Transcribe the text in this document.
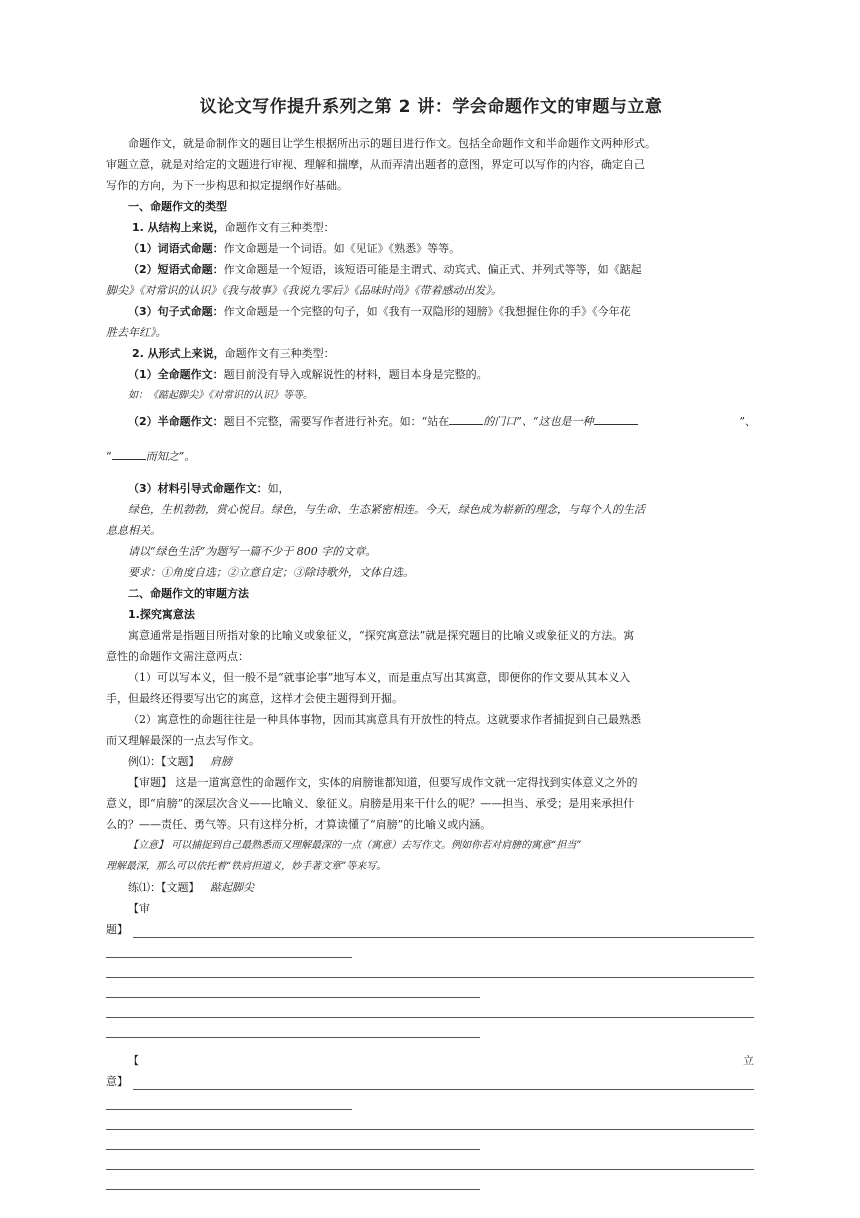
议论文写作提升系列之第 2 讲：学会命题作文的审题与立意
命题作文，就是命制作文的题目让学生根据所出示的题目进行作文。包括全命题作文和半命题作文两种形式。
审题立意，就是对给定的文题进行审视、理解和揣摩，从而弄清出题者的意图，界定可以写作的内容，确定自己
写作的方向，为下一步构思和拟定提纲作好基础。
一、命题作文的类型
1. 从结构上来说，命题作文有三种类型：
（1）词语式命题：作文命题是一个词语。如《见证》《熟悉》等等。
（2）短语式命题：作文命题是一个短语，该短语可能是主谓式、动宾式、偏正式、并列式等等，如《踮起
脚尖》《对常识的认识》《我与故事》《我说九零后》《品味时尚》《带着感动出发》。
（3）句子式命题：作文命题是一个完整的句子，如《我有一双隐形的翅膀》《我想握住你的手》《今年花
胜去年红》。
2. 从形式上来说，命题作文有三种类型：
（1）全命题作文：题目前没有导入或解说性的材料，题目本身是完整的。
如：《踮起脚尖》《对常识的认识》等等。
（2）半命题作文：题目不完整，需要写作者进行补充。如：“站在	的门口”、“这也是一种	”、
“	而知之”。
（3）材料引导式命题作文：如，
绿色，生机勃勃，赏心悦目。绿色，与生命、生态紧密相连。今天，绿色成为崭新的理念，与每个人的生活
息息相关。
请以“绿色生活”为题写一篇不少于 800 字的文章。
要求：①角度自选；②立意自定；③除诗歌外，文体自选。
二、命题作文的审题方法
1.探究寓意法
寓意通常是指题目所指对象的比喻义或象征义，“探究寓意法”就是探究题目的比喻义或象征义的方法。寓
意性的命题作文需注意两点：
（1）可以写本义，但一般不是“就事论事”地写本义，而是重点写出其寓意，即便你的作文要从其本义入
手，但最终还得要写出它的寓意，这样才会使主题得到开掘。
（2）寓意性的命题往往是一种具体事物，因而其寓意具有开放性的特点。这就要求作者捕捉到自己最熟悉
而又理解最深的一点去写作文。
例⑴：【文题】 肩膀
【审题】 这是一道寓意性的命题作文，实体的肩膀谁都知道，但要写成作文就一定得找到实体意义之外的
意义，即“肩膀”的深层次含义——比喻义、象征义。肩膀是用来干什么的呢？——担当、承受；是用来承担什
么的？——责任、勇气等。只有这样分析，才算读懂了“肩膀”的比喻义或内涵。
【立意】 可以捕捉到自己最熟悉而又理解最深的一点（寓意）去写作文。例如你若对肩膀的寓意“担当”
理解最深，那么可以依托着“铁肩担道义，妙手著文章”等来写。
练⑴：【文题】 踮起脚尖
【审
题】
【	立
意】
